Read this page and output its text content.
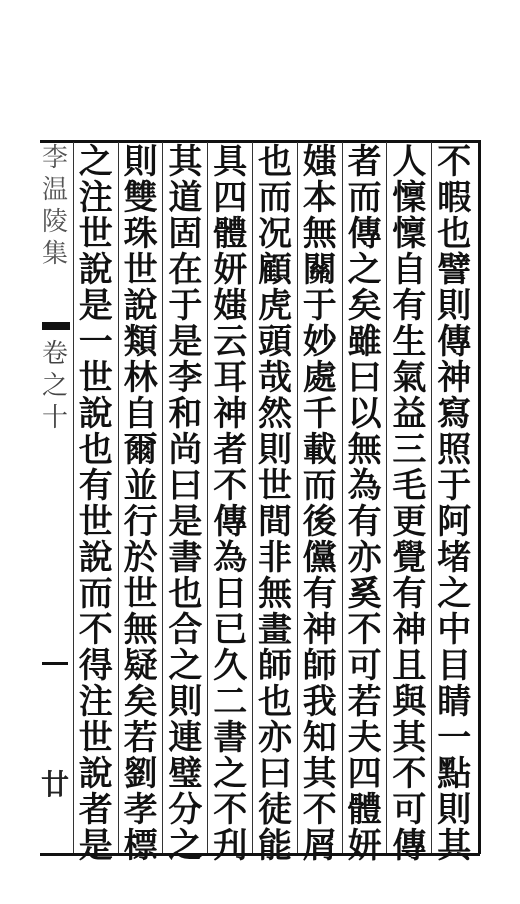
李
温
陵
集
卷
之
十
廿
不
暇
也
譬
則
傳
神
寫
照
于
阿
堵
之
中
目
睛
一
點
則
其
人
懍
懍
自
有
生
氣
益
三
毛
更
覺
有
神
且
與
其
不
可
傳
者
而
傳
之
矣
雖
曰
以
無
為
有
亦
奚
不
可
若
夫
四
體
妍
媸
本
無
關
于
妙
處
千
載
而
後
儻
有
神
師
我
知
其
不
屑
也
而
况
顧
虎
頭
哉
然
則
世
間
非
無
畫
師
也
亦
曰
徒
能
具
四
體
妍
媸
云
耳
神
者
不
傳
為
日
已
久
二
書
之
不
刋
其
道
固
在
于
是
李
和
尚
曰
是
書
也
合
之
則
連
璧
分
之
則
雙
珠
世
說
類
林
自
爾
並
行
於
世
無
疑
矣
若
劉
孝
標
之
注
世
說
是
一
世
說
也
有
世
說
而
不
得
注
世
說
者
是
